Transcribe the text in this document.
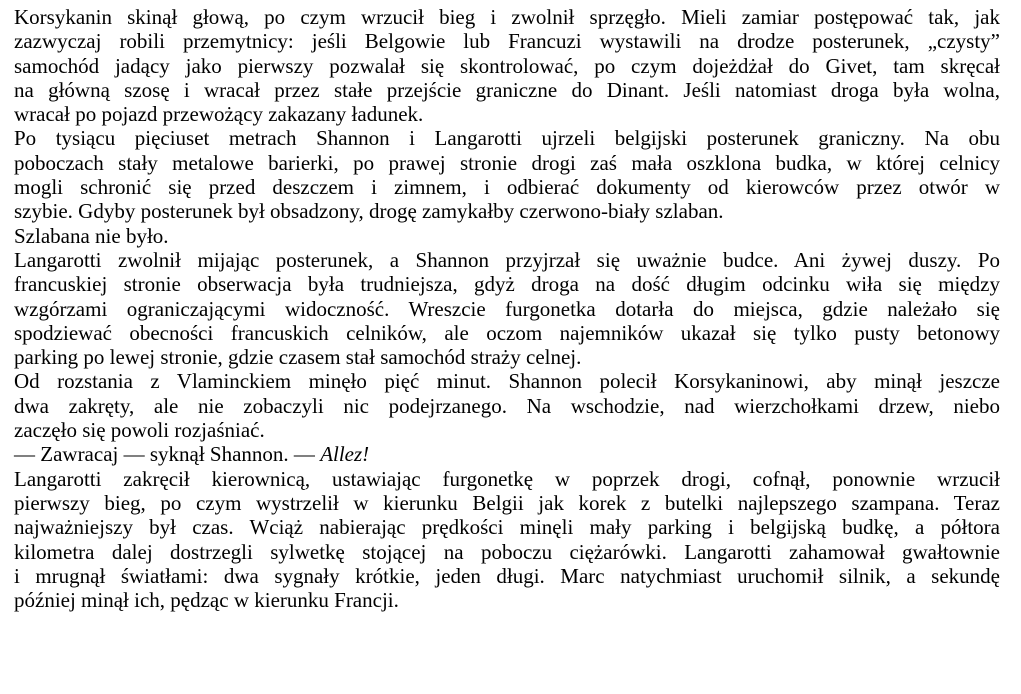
Korsykanin skinął głową, po czym wrzucił bieg i zwolnił sprzęgło. Mieli zamiar postępować tak, jak
zazwyczaj robili przemytnicy: jeśli Belgowie lub Francuzi wystawili na drodze posterunek, „czysty”
samochód jadący jako pierwszy pozwalał się skontrolować, po czym dojeżdżał do Givet, tam skręcał
na główną szosę i wracał przez stałe przejście graniczne do Dinant. Jeśli natomiast droga była wolna,
wracał po pojazd przewożący zakazany ładunek.

Po tysiącu pięciuset metrach Shannon i Langarotti ujrzeli belgijski posterunek graniczny. Na obu
poboczach stały metalowe barierki, po prawej stronie drogi zaś mała oszklona budka, w której celnicy
mogli schronić się przed deszczem i zimnem, i odbierać dokumenty od kierowców przez otwór w
szybie. Gdyby posterunek był obsadzony, drogę zamykałby czerwono-biały szlaban.

Szlabana nie było.

Langarotti zwolnił mijając posterunek, a Shannon przyjrzał się uważnie budce. Ani żywej duszy. Po
francuskiej stronie obserwacja była trudniejsza, gdyż droga na dość długim odcinku wiła się między
wzgórzami ograniczającymi widoczność. Wreszcie furgonetka dotarła do miejsca, gdzie należało się
spodziewać obecności francuskich celników, ale oczom najemników ukazał się tylko pusty betonowy
parking po lewej stronie, gdzie czasem stał samochód straży celnej.

Od rozstania z Vlaminckiem minęło pięć minut. Shannon polecił Korsykaninowi, aby minął jeszcze
dwa zakręty, ale nie zobaczyli nic podejrzanego. Na wschodzie, nad wierzchołkami drzew, niebo
zaczęło się powoli rozjaśniać.

— Zawracaj — syknął Shannon. — Allez!

Langarotti zakręcił kierownicą, ustawiając furgonetkę w poprzek drogi, cofnął, ponownie wrzucił
pierwszy bieg, po czym wystrzelił w kierunku Belgii jak korek z butelki najlepszego szampana. Teraz
najważniejszy był czas. Wciąż nabierając prędkości minęli mały parking i belgijską budkę, a półtora
kilometra dalej dostrzegli sylwetkę stojącej na poboczu ciężarówki. Langarotti zahamował gwałtownie
i mrugnął światłami: dwa sygnały krótkie, jeden długi. Marc natychmiast uruchomił silnik, a sekundę
później minął ich, pędząc w kierunku Francji.
